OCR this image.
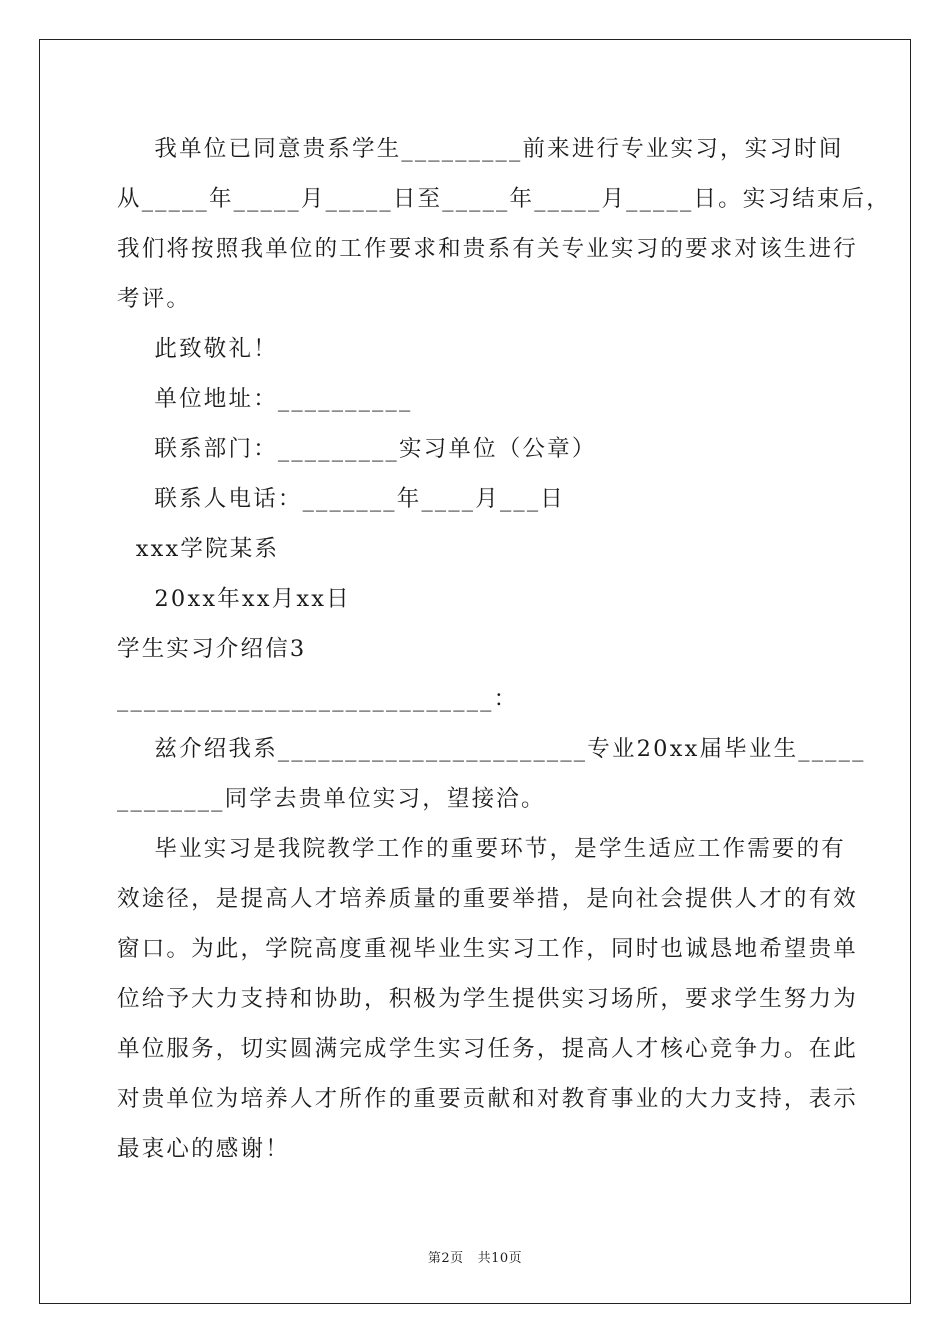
我单位已同意贵系学生_________前来进行专业实习，实习时间
从_____年_____月_____日至_____年_____月_____日。实习结束后，
我们将按照我单位的工作要求和贵系有关专业实习的要求对该生进行
考评。
此致敬礼！
单位地址：__________
联系部门：_________实习单位（公章）
联系人电话：_______年____月___日
xxx学院某系
20xx年xx月xx日
学生实习介绍信3
____________________________：
兹介绍我系_______________________专业20xx届毕业生_____
________同学去贵单位实习，望接洽。
毕业实习是我院教学工作的重要环节，是学生适应工作需要的有
效途径，是提高人才培养质量的重要举措，是向社会提供人才的有效
窗口。为此，学院高度重视毕业生实习工作，同时也诚恳地希望贵单
位给予大力支持和协助，积极为学生提供实习场所，要求学生努力为
单位服务，切实圆满完成学生实习任务，提高人才核心竞争力。在此
对贵单位为培养人才所作的重要贡献和对教育事业的大力支持，表示
最衷心的感谢！
第2页 共10页
